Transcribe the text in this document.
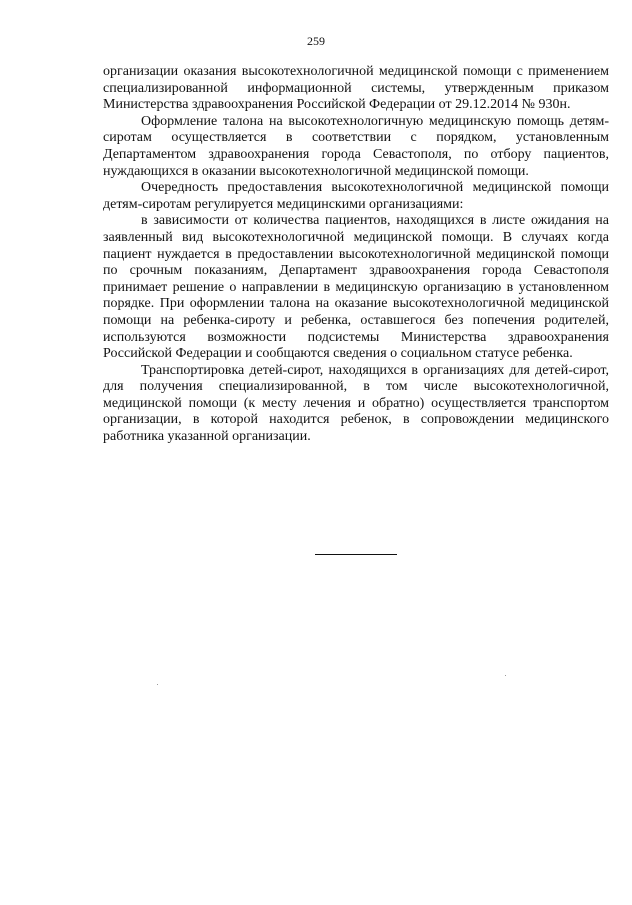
259

организации оказания высокотехнологичной медицинской помощи с применением специализированной информационной системы, утвержденным приказом Министерства здравоохранения Российской Федерации от 29.12.2014 № 930н.

Оформление талона на высокотехнологичную медицинскую помощь детям-сиротам осуществляется в соответствии с порядком, установленным Департаментом здравоохранения города Севастополя, по отбору пациентов, нуждающихся в оказании высокотехнологичной медицинской помощи.

Очередность предоставления высокотехнологичной медицинской помощи детям-сиротам регулируется медицинскими организациями:

в зависимости от количества пациентов, находящихся в листе ожидания на заявленный вид высокотехнологичной медицинской помощи. В случаях когда пациент нуждается в предоставлении высокотехнологичной медицинской помощи по срочным показаниям, Департамент здравоохранения города Севастополя принимает решение о направлении в медицинскую организацию в установленном порядке. При оформлении талона на оказание высокотехнологичной медицинской помощи на ребенка-сироту и ребенка, оставшегося без попечения родителей, используются возможности подсистемы Министерства здравоохранения Российской Федерации и сообщаются сведения о социальном статусе ребенка.

Транспортировка детей-сирот, находящихся в организациях для детей-сирот, для получения специализированной, в том числе высокотехнологичной, медицинской помощи (к месту лечения и обратно) осуществляется транспортом организации, в которой находится ребенок, в сопровождении медицинского работника указанной организации.
